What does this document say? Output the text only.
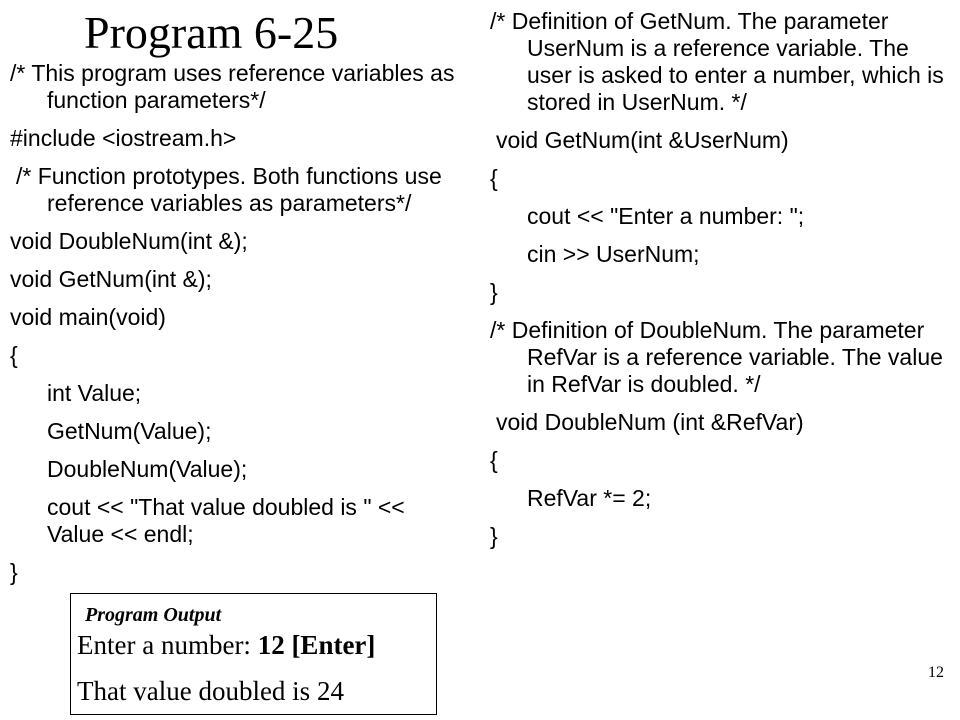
Program 6-25
/* This program uses reference variables as function parameters*/
#include <iostream.h>
/* Function prototypes. Both functions use reference variables as parameters*/
void DoubleNum(int &);
void GetNum(int &);
void main(void)
{
int Value;
GetNum(Value);
DoubleNum(Value);
cout << "That value doubled is " << Value << endl;
}
/* Definition of GetNum. The parameter UserNum is a reference variable. The user is asked to enter a number, which is stored in UserNum. */
void GetNum(int &UserNum)
{
cout << "Enter a number: ";
cin >> UserNum;
}
/* Definition of DoubleNum. The parameter RefVar is a reference variable. The value in RefVar is doubled. */
void DoubleNum (int &RefVar)
{
RefVar *= 2;
}
Program Output
Enter a number: 12 [Enter]
That value doubled is 24
12
